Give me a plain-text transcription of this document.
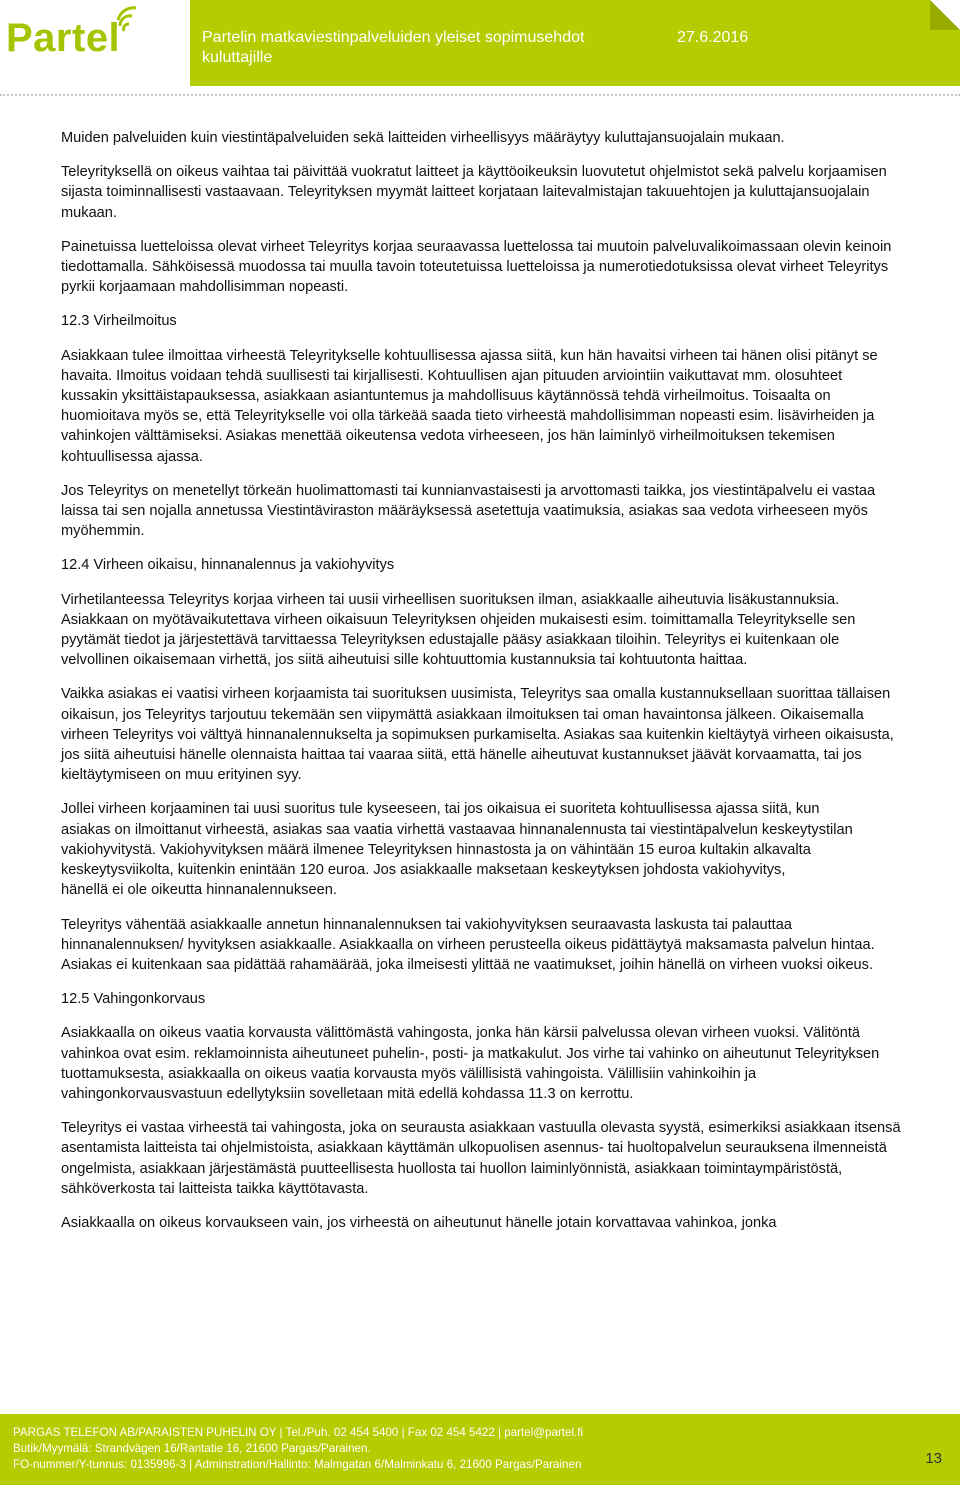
Partel	Partelin matkaviestinpalveluiden yleiset sopimusehdot kuluttajille
27.6.2016

Muiden palveluiden kuin viestintäpalveluiden sekä laitteiden virheellisyys määräytyy kuluttajansuojalain mukaan.

Teleyrityksellä on oikeus vaihtaa tai päivittää vuokratut laitteet ja käyttöoikeuksin luovutetut ohjelmistot sekä palvelu korjaamisen sijasta toiminnallisesti vastaavaan. Teleyrityksen myymät laitteet korjataan laitevalmistajan takuuehtojen ja kuluttajansuojalain mukaan.

Painetuissa luetteloissa olevat virheet Teleyritys korjaa seuraavassa luettelossa tai muutoin palveluvalikoimassaan olevin keinoin tiedottamalla. Sähköisessä muodossa tai muulla tavoin toteutetuissa luetteloissa ja numerotiedotuksissa olevat virheet Teleyritys pyrkii korjaamaan mahdollisimman nopeasti.

12.3 Virheilmoitus

Asiakkaan tulee ilmoittaa virheestä Teleyritykselle kohtuullisessa ajassa siitä, kun hän havaitsi virheen tai hänen olisi pitänyt se havaita. Ilmoitus voidaan tehdä suullisesti tai kirjallisesti. Kohtuullisen ajan pituuden arviointiin vaikuttavat mm. olosuhteet kussakin yksittäistapauksessa, asiakkaan asiantuntemus ja mahdollisuus käytännössä tehdä virheilmoitus. Toisaalta on huomioitava myös se, että Teleyritykselle voi olla tärkeää saada tieto virheestä mahdollisimman nopeasti esim. lisävirheiden ja vahinkojen välttämiseksi. Asiakas menettää oikeutensa vedota virheeseen, jos hän laiminlyö virheilmoituksen tekemisen kohtuullisessa ajassa.

Jos Teleyritys on menetellyt törkeän huolimattomasti tai kunnianvastaisesti ja arvottomasti taikka, jos viestintäpalvelu ei vastaa laissa tai sen nojalla annetussa Viestintäviraston määräyksessä asetettuja vaatimuksia, asiakas saa vedota virheeseen myös myöhemmin.

12.4 Virheen oikaisu, hinnanalennus ja vakiohyvitys

Virhetilanteessa Teleyritys korjaa virheen tai uusii virheellisen suorituksen ilman, asiakkaalle aiheutuvia lisäkustannuksia. Asiakkaan on myötävaikutettava virheen oikaisuun Teleyrityksen ohjeiden mukaisesti esim. toimittamalla Teleyritykselle sen pyytämät tiedot ja järjestettävä tarvittaessa Teleyrityksen edustajalle pääsy asiakkaan tiloihin. Teleyritys ei kuitenkaan ole velvollinen oikaisemaan virhettä, jos siitä aiheutuisi sille kohtuuttomia kustannuksia tai kohtuutonta haittaa.

Vaikka asiakas ei vaatisi virheen korjaamista tai suorituksen uusimista, Teleyritys saa omalla kustannuksellaan suorittaa tällaisen oikaisun, jos Teleyritys tarjoutuu tekemään sen viipymättä asiakkaan ilmoituksen tai oman havaintonsa jälkeen. Oikaisemalla virheen Teleyritys voi välttyä hinnanalennukselta ja sopimuksen purkamiselta. Asiakas saa kuitenkin kieltäytyä virheen oikaisusta, jos siitä aiheutuisi hänelle olennaista haittaa tai vaaraa siitä, että hänelle aiheutuvat kustannukset jäävät korvaamatta, tai jos kieltäytymiseen on muu erityinen syy.

Jollei virheen korjaaminen tai uusi suoritus tule kyseeseen, tai jos oikaisua ei suoriteta kohtuullisessa ajassa siitä, kun
asiakas on ilmoittanut virheestä, asiakas saa vaatia virhettä vastaavaa hinnanalennusta tai viestintäpalvelun keskeytystilan vakiohyvitystä. Vakiohyvityksen määrä ilmenee Teleyrityksen hinnastosta ja on vähintään 15 euroa kultakin alkavalta keskeytysviikolta, kuitenkin enintään 120 euroa. Jos asiakkaalle maksetaan keskeytyksen johdosta vakiohyvitys,
hänellä ei ole oikeutta hinnanalennukseen.

Teleyritys vähentää asiakkaalle annetun hinnanalennuksen tai vakiohyvityksen seuraavasta laskusta tai palauttaa hinnanalennuksen/ hyvityksen asiakkaalle. Asiakkaalla on virheen perusteella oikeus pidättäytyä maksamasta palvelun hintaa. Asiakas ei kuitenkaan saa pidättää rahamäärää, joka ilmeisesti ylittää ne vaatimukset, joihin hänellä on virheen vuoksi oikeus.

12.5 Vahingonkorvaus

Asiakkaalla on oikeus vaatia korvausta välittömästä vahingosta, jonka hän kärsii palvelussa olevan virheen vuoksi. Välitöntä vahinkoa ovat esim. reklamoinnista aiheutuneet puhelin-, posti- ja matkakulut. Jos virhe tai vahinko on aiheutunut Teleyrityksen tuottamuksesta, asiakkaalla on oikeus vaatia korvausta myös välillisistä vahingoista. Välillisiin vahinkoihin ja vahingonkorvausvastuun edellytyksiin sovelletaan mitä edellä kohdassa 11.3 on kerrottu.

Teleyritys ei vastaa virheestä tai vahingosta, joka on seurausta asiakkaan vastuulla olevasta syystä, esimerkiksi asiakkaan itsensä asentamista laitteista tai ohjelmistoista, asiakkaan käyttämän ulkopuolisen asennus- tai huoltopalvelun seurauksena ilmenneistä ongelmista, asiakkaan järjestämästä puutteellisesta huollosta tai huollon laiminlyönnistä, asiakkaan toimintaympäristöstä, sähköverkosta tai laitteista taikka käyttötavasta.

Asiakkaalla on oikeus korvaukseen vain, jos virheestä on aiheutunut hänelle jotain korvattavaa vahinkoa, jonka

PARGAS TELEFON AB/PARAISTEN PUHELIN OY | Tel./Puh. 02 454 5400 | Fax 02 454 5422 | partel@partel.fi
Butik/Myymälä: Strandvägen 16/Rantatie 16, 21600 Pargas/Parainen.
FO-nummer/Y-tunnus: 0135996-3 | Adminstration/Hallinto: Malmgatan 6/Malminkatu 6, 21600 Pargas/Parainen	13
